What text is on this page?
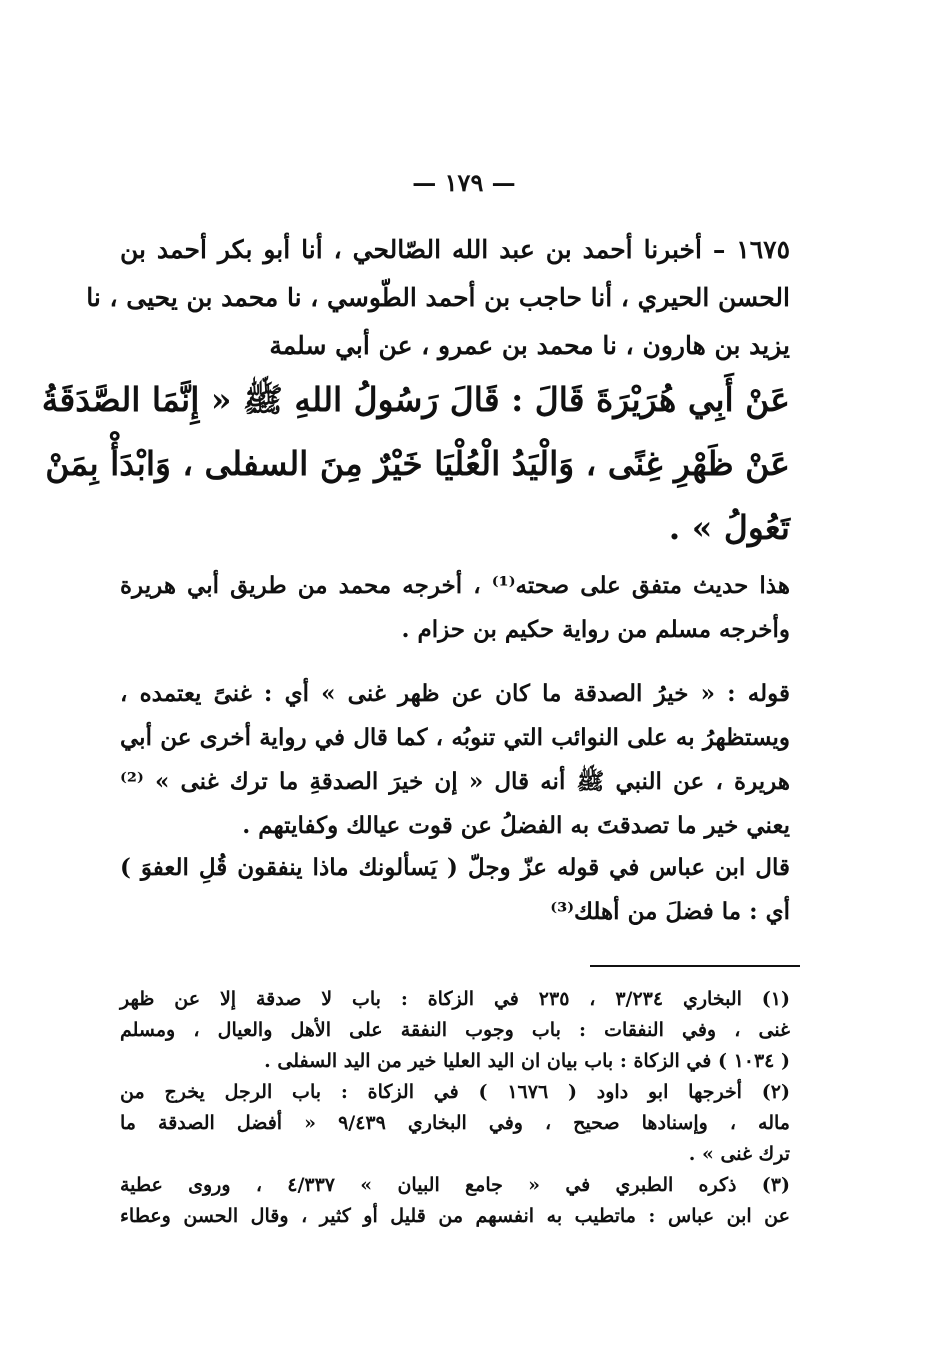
— ١٧٩ —
١٦٧٥ – أخبرنا أحمد بن عبد الله الصّالحي ، أنا أبو بكر أحمد بن
الحسن الحيري ، أنا حاجب بن أحمد الطّوسي ، نا محمد بن يحيى ، نا
يزيد بن هارون ، نا محمد بن عمرو ، عن أبي سلمة
عَنْ أَبِي هُرَيْرَةَ قَالَ : قَالَ رَسُولُ اللهِ ﷺ « إِنَّمَا الصَّدَقَةُ
عَنْ ظَهْرِ غِنًى ، وَالْيَدُ الْعُلْيَا خَيْرٌ مِنَ السفلى ، وَابْدَأْ بِمَنْ
تَعُولُ » .
هذا حديث متفق على صحته⁽¹⁾ ، أخرجه محمد من طريق أبي هريرة
وأخرجه مسلم من رواية حكيم بن حزام .
قوله : « خيرُ الصدقة ما كان عن ظهر غنى » أي : غنىً يعتمده ،
ويستظهرُ به على النوائب التي تنوبُه ، كما قال في رواية أخرى عن أبي
هريرة ، عن النبي ﷺ أنه قال « إن خيرَ الصدقةِ ما ترك غنى » ⁽²⁾
يعني خير ما تصدقتَ به الفضلُ عن قوت عيالك وكفايتهم .
قال ابن عباس في قوله عزّ وجلّ ( يَسألونك ماذا ينفقون قُلِ العفوَ )
أي : ما فضلَ من أهلك⁽³⁾
(١) البخاري ٣/٢٣٤ ، ٢٣٥ في الزكاة : باب لا صدقة إلا عن ظهر
غنى ، وفي النفقات : باب وجوب النفقة على الأهل والعيال ، ومسلم
( ١٠٣٤ ) في الزكاة : باب بيان ان اليد العليا خير من اليد السفلى .
(٢) أخرجها ابو داود ( ١٦٧٦ ) في الزكاة : باب الرجل يخرج من
ماله ، وإسنادها صحيح ، وفي البخاري ٩/٤٣٩ « أفضل الصدقة ما
ترك غنى » .
(٣) ذكره الطبري في « جامع البيان » ٤/٣٣٧ ، وروى عطية
عن ابن عباس : ماتطيب به انفسهم من قليل أو كثير ، وقال الحسن وعطاء
